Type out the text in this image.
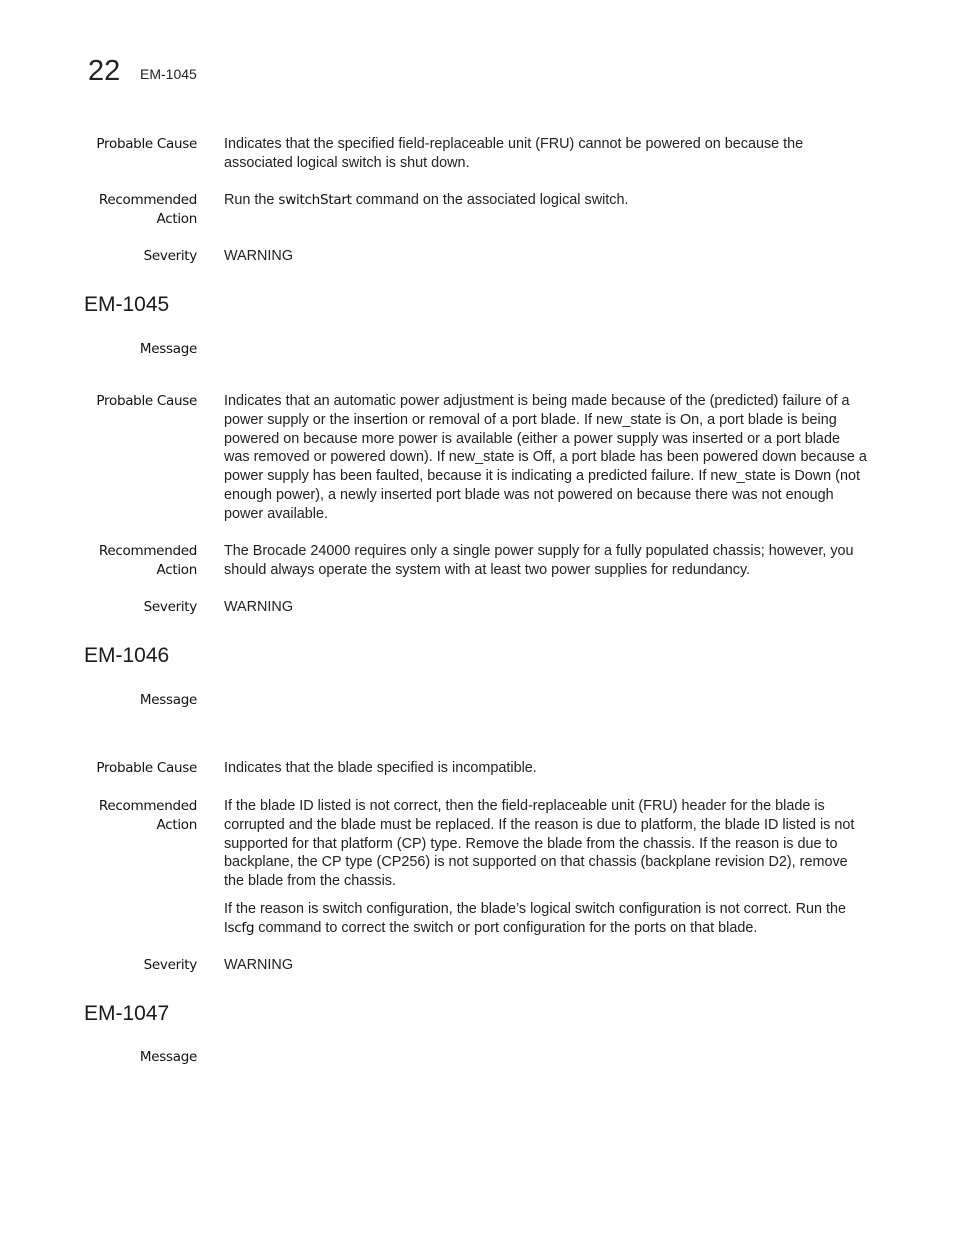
22 EM-1045
Probable Cause Indicates that the specified field-replaceable unit (FRU) cannot be powered on because the associated logical switch is shut down.
Recommended
Action
Run the switchStart command on the associated logical switch.
Severity WARNING
EM-1045
Message
Probable Cause Indicates that an automatic power adjustment is being made because of the (predicted) failure of a power supply or the insertion or removal of a port blade. If new_state is On, a port blade is being powered on because more power is available (either a power supply was inserted or a port blade was removed or powered down). If new_state is Off, a port blade has been powered down because a power supply has been faulted, because it is indicating a predicted failure. If new_state is Down (not enough power), a newly inserted port blade was not powered on because there was not enough power available.
Recommended
Action
The Brocade 24000 requires only a single power supply for a fully populated chassis; however, you should always operate the system with at least two power supplies for redundancy.
Severity WARNING
EM-1046
Message
Probable Cause Indicates that the blade specified is incompatible.
Recommended
Action
If the blade ID listed is not correct, then the field-replaceable unit (FRU) header for the blade is corrupted and the blade must be replaced. If the reason is due to platform, the blade ID listed is not supported for that platform (CP) type. Remove the blade from the chassis. If the reason is due to backplane, the CP type (CP256) is not supported on that chassis (backplane revision D2), remove the blade from the chassis.
If the reason is switch configuration, the blade’s logical switch configuration is not correct. Run the lscfg command to correct the switch or port configuration for the ports on that blade.
Severity WARNING
EM-1047
Message
